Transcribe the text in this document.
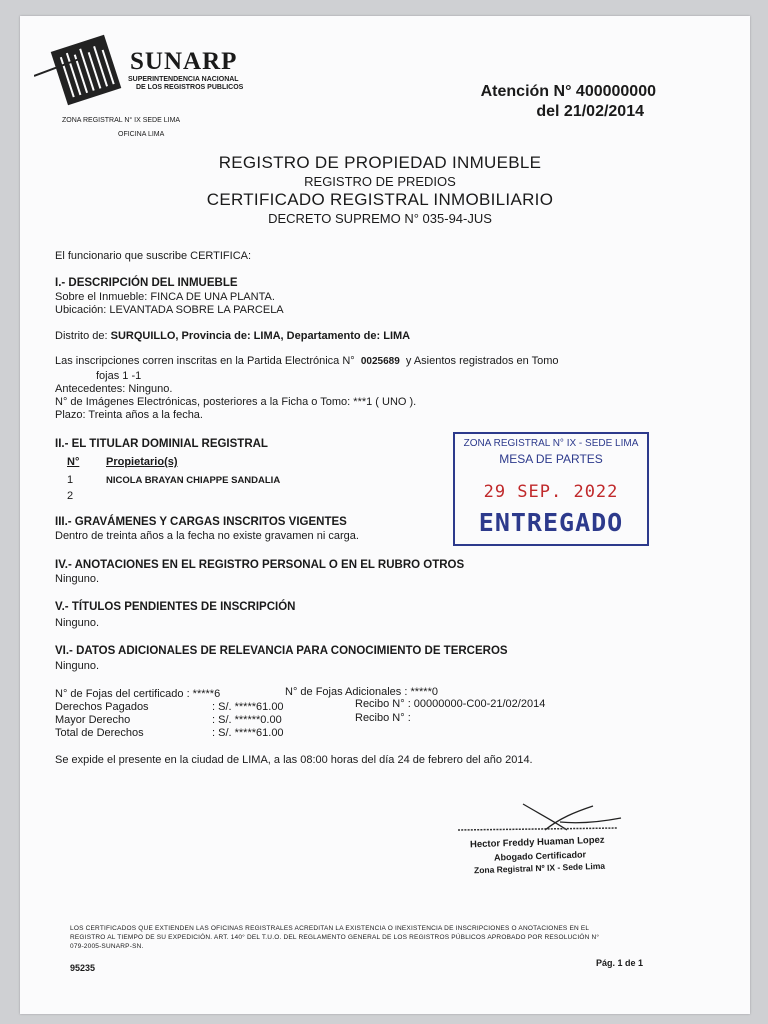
SUNARP
SUPERINTENDENCIA NACIONAL
DE LOS REGISTROS PUBLICOS
ZONA REGISTRAL N° IX SEDE LIMA
OFICINA LIMA
Atención N° 400000000
del 21/02/2014
REGISTRO DE PROPIEDAD INMUEBLE
REGISTRO DE PREDIOS
CERTIFICADO REGISTRAL INMOBILIARIO
DECRETO SUPREMO N° 035-94-JUS
El funcionario que suscribe CERTIFICA:
I.- DESCRIPCIÓN DEL INMUEBLE
Sobre el Inmueble: FINCA DE UNA PLANTA.
Ubicación: LEVANTADA SOBRE LA PARCELA
Distrito de: SURQUILLO, Provincia de: LIMA, Departamento de: LIMA
Las inscripciones corren inscritas en la Partida Electrónica N° 0025689 y Asientos registrados en Tomo
fojas 1 -1
Antecedentes: Ninguno.
N° de Imágenes Electrónicas, posteriores a la Ficha o Tomo: ***1 ( UNO ).
Plazo: Treinta años a la fecha.
II.- EL TITULAR DOMINIAL REGISTRAL
N° Propietario(s)
1	NICOLA BRAYAN CHIAPPE SANDALIA
2
ZONA REGISTRAL N° IX - SEDE LIMA
MESA DE PARTES
29 SEP. 2022
ENTREGADO
III.- GRAVÁMENES Y CARGAS INSCRITOS VIGENTES
Dentro de treinta años a la fecha no existe gravamen ni carga.
IV.- ANOTACIONES EN EL REGISTRO PERSONAL O EN EL RUBRO OTROS
Ninguno.
V.- TÍTULOS PENDIENTES DE INSCRIPCIÓN
Ninguno.
VI.- DATOS ADICIONALES DE RELEVANCIA PARA CONOCIMIENTO DE TERCEROS
Ninguno.
N° de Fojas del certificado : *****6	N° de Fojas Adicionales : *****0
Derechos Pagados	: S/. *****61.00	Recibo N° : 00000000-C00-21/02/2014
Mayor Derecho	: S/. ******0.00	Recibo N° :
Total de Derechos	: S/. *****61.00
Se expide el presente en la ciudad de LIMA, a las 08:00 horas del día 24 de febrero del año 2014.
Hector Freddy Huaman Lopez
Abogado Certificador
Zona Registral Nº IX - Sede Lima
LOS CERTIFICADOS QUE EXTIENDEN LAS OFICINAS REGISTRALES ACREDITAN LA EXISTENCIA O INEXISTENCIA DE INSCRIPCIONES O ANOTACIONES EN EL
REGISTRO AL TIEMPO DE SU EXPEDICIÓN. ART. 140° DEL T.U.O. DEL REGLAMENTO GENERAL DE LOS REGISTROS PÚBLICOS APROBADO POR RESOLUCIÓN N°
079-2005-SUNARP-SN.
95235	Pág. 1 de 1
